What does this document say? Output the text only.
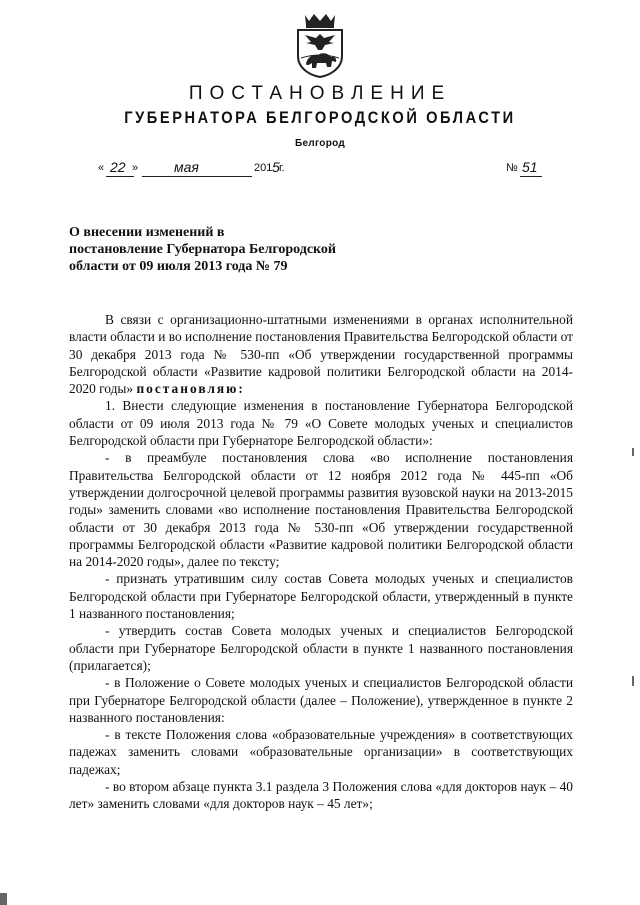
ПОСТАНОВЛЕНИЕ
ГУБЕРНАТОРА БЕЛГОРОДСКОЙ ОБЛАСТИ
Белгород
« 22 »	мая	201 5 г.	№ 51
О внесении изменений в
постановление Губернатора Белгородской
области от 09 июля 2013 года № 79

В связи с организационно-штатными изменениями в органах исполнительной власти области и во исполнение постановления Правительства Белгородской области от 30 декабря 2013 года № 530-пп «Об утверждении государственной программы Белгородской области «Развитие кадровой политики Белгородской области на 2014-2020 годы» постановляю:

1. Внести следующие изменения в постановление Губернатора Белгородской области от 09 июля 2013 года № 79 «О Совете молодых ученых и специалистов Белгородской области при Губернаторе Белгородской области»:

- в преамбуле постановления слова «во исполнение постановления Правительства Белгородской области от 12 ноября 2012 года № 445-пп «Об утверждении долгосрочной целевой программы развития вузовской науки на 2013-2015 годы» заменить словами «во исполнение постановления Правительства Белгородской области от 30 декабря 2013 года № 530-пп «Об утверждении государственной программы Белгородской области «Развитие кадровой политики Белгородской области на 2014-2020 годы», далее по тексту;

- признать утратившим силу состав Совета молодых ученых и специалистов Белгородской области при Губернаторе Белгородской области, утвержденный в пункте 1 названного постановления;

- утвердить состав Совета молодых ученых и специалистов Белгородской области при Губернаторе Белгородской области в пункте 1 названного постановления (прилагается);

- в Положение о Совете молодых ученых и специалистов Белгородской области при Губернаторе Белгородской области (далее – Положение), утвержденное в пункте 2 названного постановления:

- в тексте Положения слова «образовательные учреждения» в соответствующих падежах заменить словами «образовательные организации» в соответствующих падежах;

- во втором абзаце пункта 3.1 раздела 3 Положения слова «для докторов наук – 40 лет» заменить словами «для докторов наук – 45 лет»;
